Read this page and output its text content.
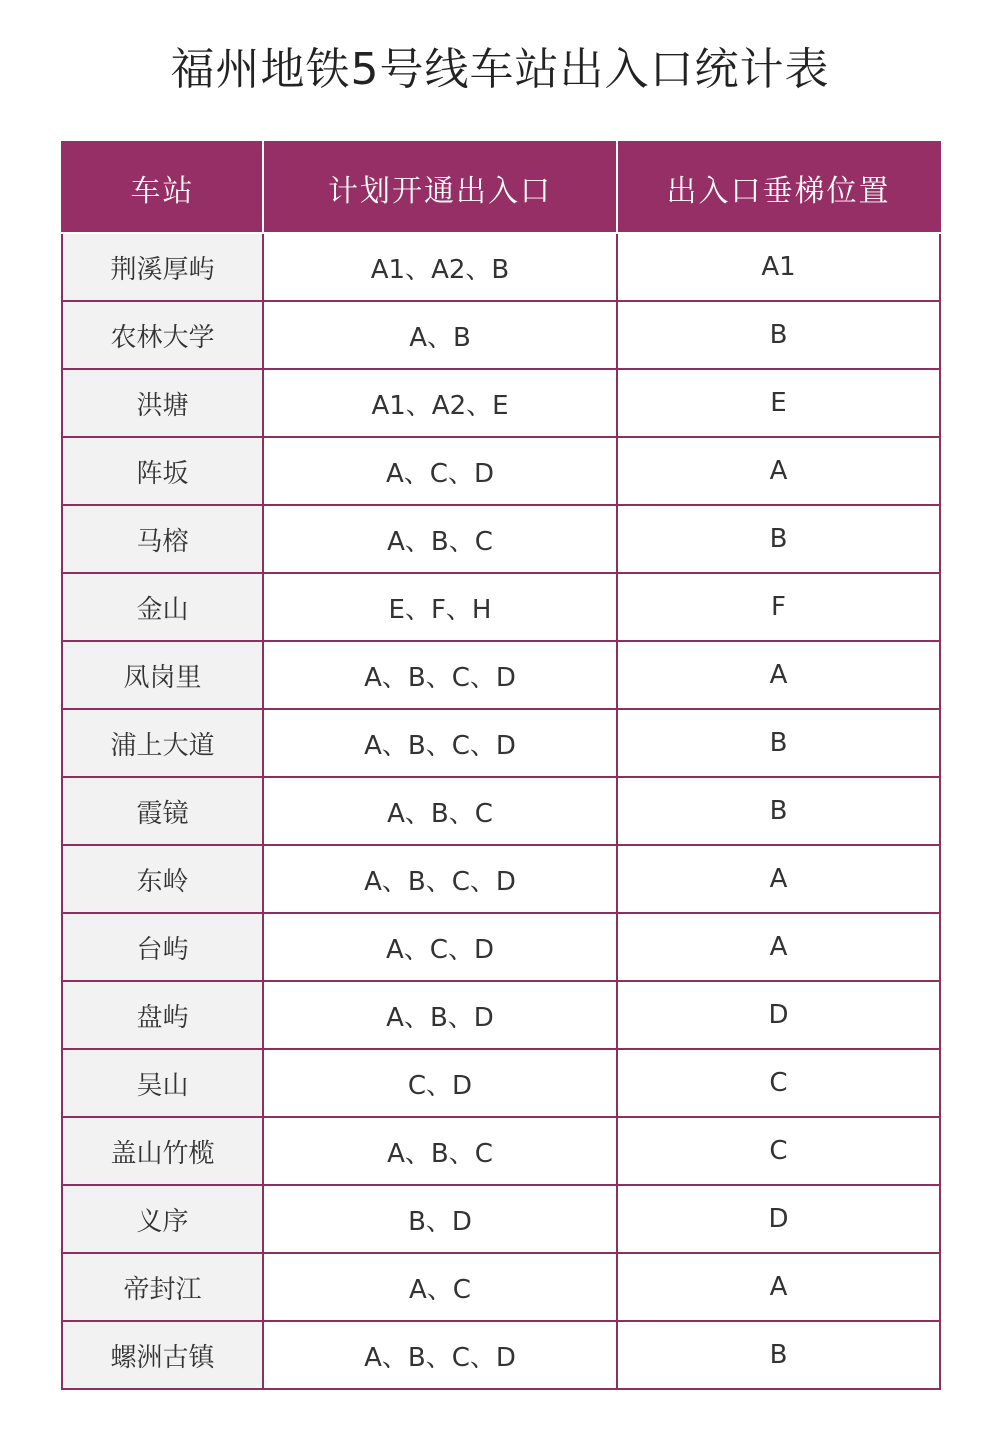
福州地铁5号线车站出入口统计表
车站	计划开通出入口	出入口垂梯位置
荆溪厚屿	A1、A2、B	A1
农林大学	A、B	B
洪塘	A1、A2、E	E
阵坂	A、C、D	A
马榕	A、B、C	B
金山	E、F、H	F
凤岗里	A、B、C、D	A
浦上大道	A、B、C、D	B
霞镜	A、B、C	B
东岭	A、B、C、D	A
台屿	A、C、D	A
盘屿	A、B、D	D
吴山	C、D	C
盖山竹榄	A、B、C	C
义序	B、D	D
帝封江	A、C	A
螺洲古镇	A、B、C、D	B
